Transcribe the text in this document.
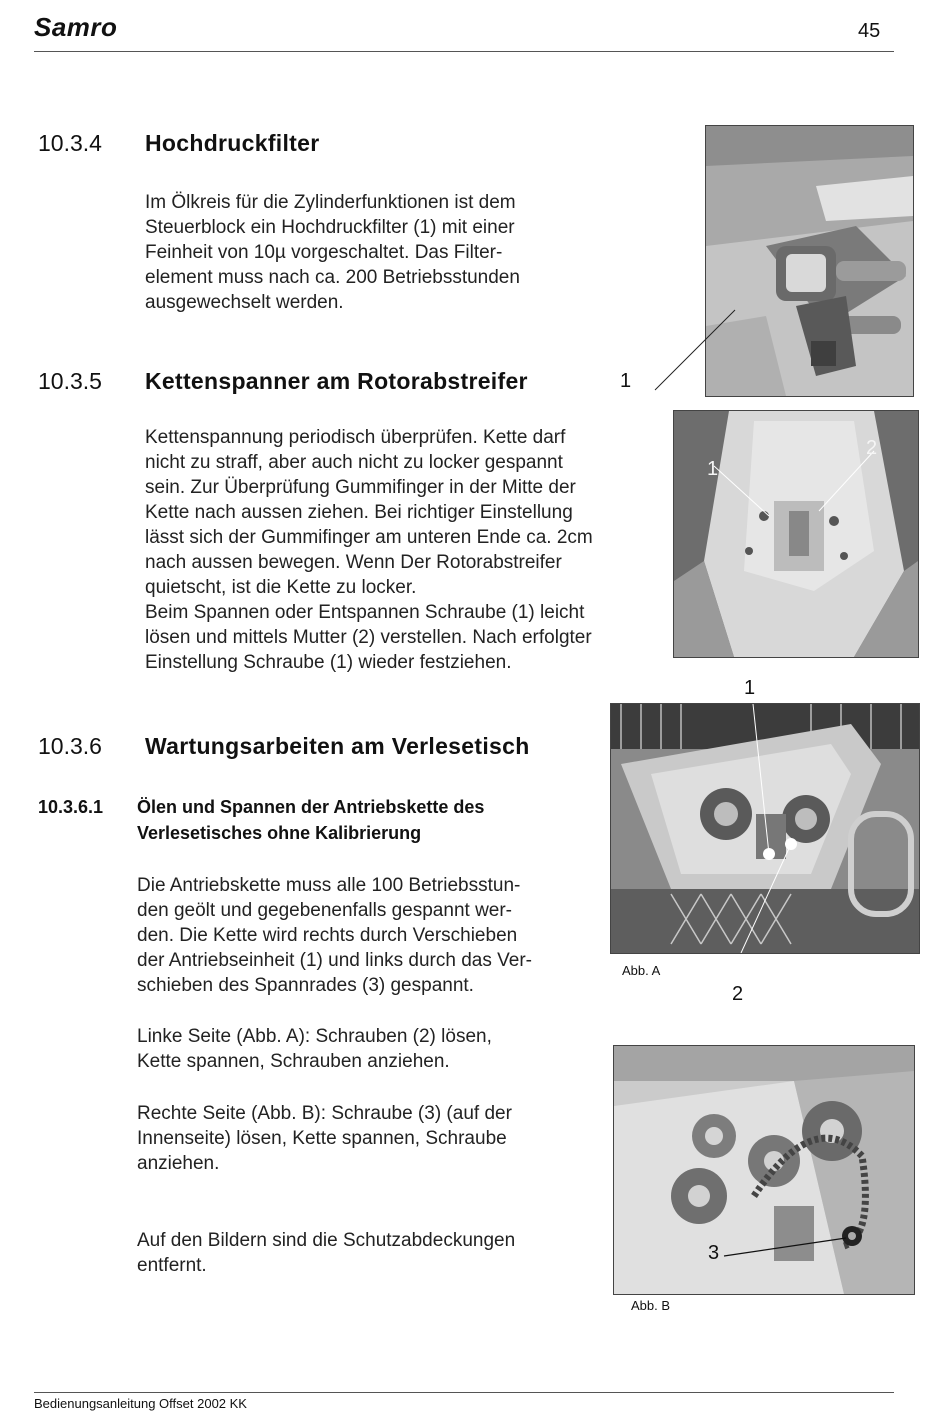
Samro	45
10.3.4 Hochdruckfilter
Im Ölkreis für die Zylinderfunktionen ist dem
Steuerblock ein Hochdruckfilter (1) mit einer
Feinheit von 10µ vorgeschaltet. Das Filter-
element muss nach ca. 200 Betriebsstunden
ausgewechselt werden.
1
10.3.5 Kettenspanner am Rotorabstreifer
Kettenspannung periodisch überprüfen. Kette darf
nicht zu straff, aber auch nicht zu locker gespannt
sein. Zur Überprüfung Gummifinger in der Mitte der
Kette nach aussen ziehen. Bei richtiger Einstellung
lässt sich der Gummifinger am unteren Ende ca. 2cm
nach aussen bewegen. Wenn Der Rotorabstreifer
quietscht, ist die Kette zu locker.
Beim Spannen oder Entspannen Schraube (1) leicht
lösen und mittels Mutter (2) verstellen. Nach erfolgter
Einstellung Schraube (1) wieder festziehen.
1
2
10.3.6 Wartungsarbeiten am Verlesetisch
10.3.6.1 Ölen und Spannen der Antriebskette des
Verlesetisches ohne Kalibrierung
Die Antriebskette muss alle 100 Betriebsstun-
den geölt und gegebenenfalls gespannt wer-
den. Die Kette wird rechts durch Verschieben
der Antriebseinheit (1) und links durch das Ver-
schieben des Spannrades (3) gespannt.
Linke Seite (Abb. A): Schrauben (2) lösen,
Kette spannen, Schrauben anziehen.
Rechte Seite (Abb. B): Schraube (3) (auf der
Innenseite) lösen, Kette spannen, Schraube
anziehen.
Auf den Bildern sind die Schutzabdeckungen
entfernt.
1
Abb. A
2
3
Abb. B
Bedienungsanleitung Offset 2002 KK
